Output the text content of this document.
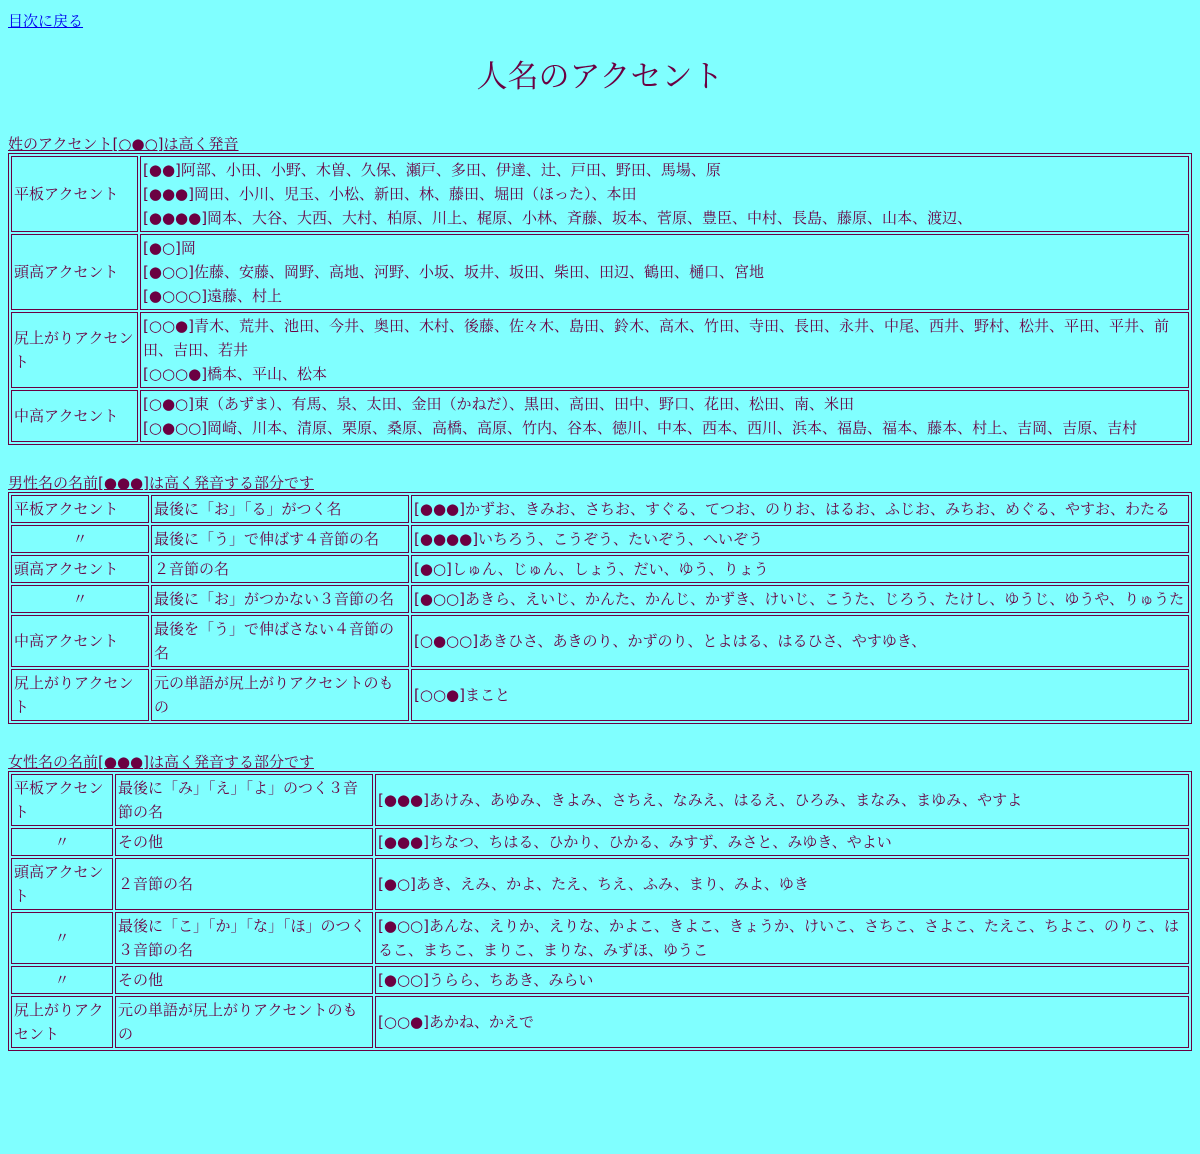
目次に戻る
人名のアクセント
姓のアクセント[○●○]は高く発音
平板アクセント	[●●]阿部、小田、小野、木曽、久保、瀬戸、多田、伊達、辻、戸田、野田、馬場、原
[●●●]岡田、小川、児玉、小松、新田、林、藤田、堀田（ほった）、本田
[●●●●]岡本、大谷、大西、大村、柏原、川上、梶原、小林、斉藤、坂本、菅原、豊臣、中村、長島、藤原、山本、渡辺、

頭高アクセント	[●○]岡
[●○○]佐藤、安藤、岡野、高地、河野、小坂、坂井、坂田、柴田、田辺、鶴田、樋口、宮地
[●○○○]遠藤、村上

尻上がりアクセント	[○○●]青木、荒井、池田、今井、奥田、木村、後藤、佐々木、島田、鈴木、高木、竹田、寺田、長田、永井、中尾、西井、野村、松井、平田、平井、前田、吉田、若井
[○○○●]橋本、平山、松本

中高アクセント	[○●○]東（あずま）、有馬、泉、太田、金田（かねだ）、黒田、高田、田中、野口、花田、松田、南、米田
[○●○○]岡崎、川本、清原、栗原、桑原、高橋、高原、竹内、谷本、徳川、中本、西本、西川、浜本、福島、福本、藤本、村上、吉岡、吉原、吉村
男性名の名前[●●●]は高く発音する部分です
平板アクセント	最後に「お」「る」がつく名	[●●●]かずお、きみお、さちお、すぐる、てつお、のりお、はるお、ふじお、みちお、めぐる、やすお、わたる
〃	最後に「う」で伸ばす４音節の名	[●●●●]いちろう、こうぞう、たいぞう、へいぞう
頭高アクセント	２音節の名	[●○]しゅん、じゅん、しょう、だい、ゆう、りょう
〃	最後に「お」がつかない３音節の名	[●○○]あきら、えいじ、かんた、かんじ、かずき、けいじ、こうた、じろう、たけし、ゆうじ、ゆうや、りゅうた
中高アクセント	最後を「う」で伸ばさない４音節の名	[○●○○]あきひさ、あきのり、かずのり、とよはる、はるひさ、やすゆき、
尻上がりアクセント	元の単語が尻上がりアクセントのもの	[○○●]まこと
女性名の名前[●●●]は高く発音する部分です
平板アクセント	最後に「み」「え」「よ」のつく３音節の名	[●●●]あけみ、あゆみ、きよみ、さちえ、なみえ、はるえ、ひろみ、まなみ、まゆみ、やすよ
〃	その他	[●●●]ちなつ、ちはる、ひかり、ひかる、みすず、みさと、みゆき、やよい
頭高アクセント	２音節の名	[●○]あき、えみ、かよ、たえ、ちえ、ふみ、まり、みよ、ゆき
〃	最後に「こ」「か」「な」「ほ」のつく３音節の名	[●○○]あんな、えりか、えりな、かよこ、きよこ、きょうか、けいこ、さちこ、さよこ、たえこ、ちよこ、のりこ、はるこ、まちこ、まりこ、まりな、みずほ、ゆうこ
〃	その他	[●○○]うらら、ちあき、みらい
尻上がりアクセント	元の単語が尻上がりアクセントのもの	[○○●]あかね、かえで
